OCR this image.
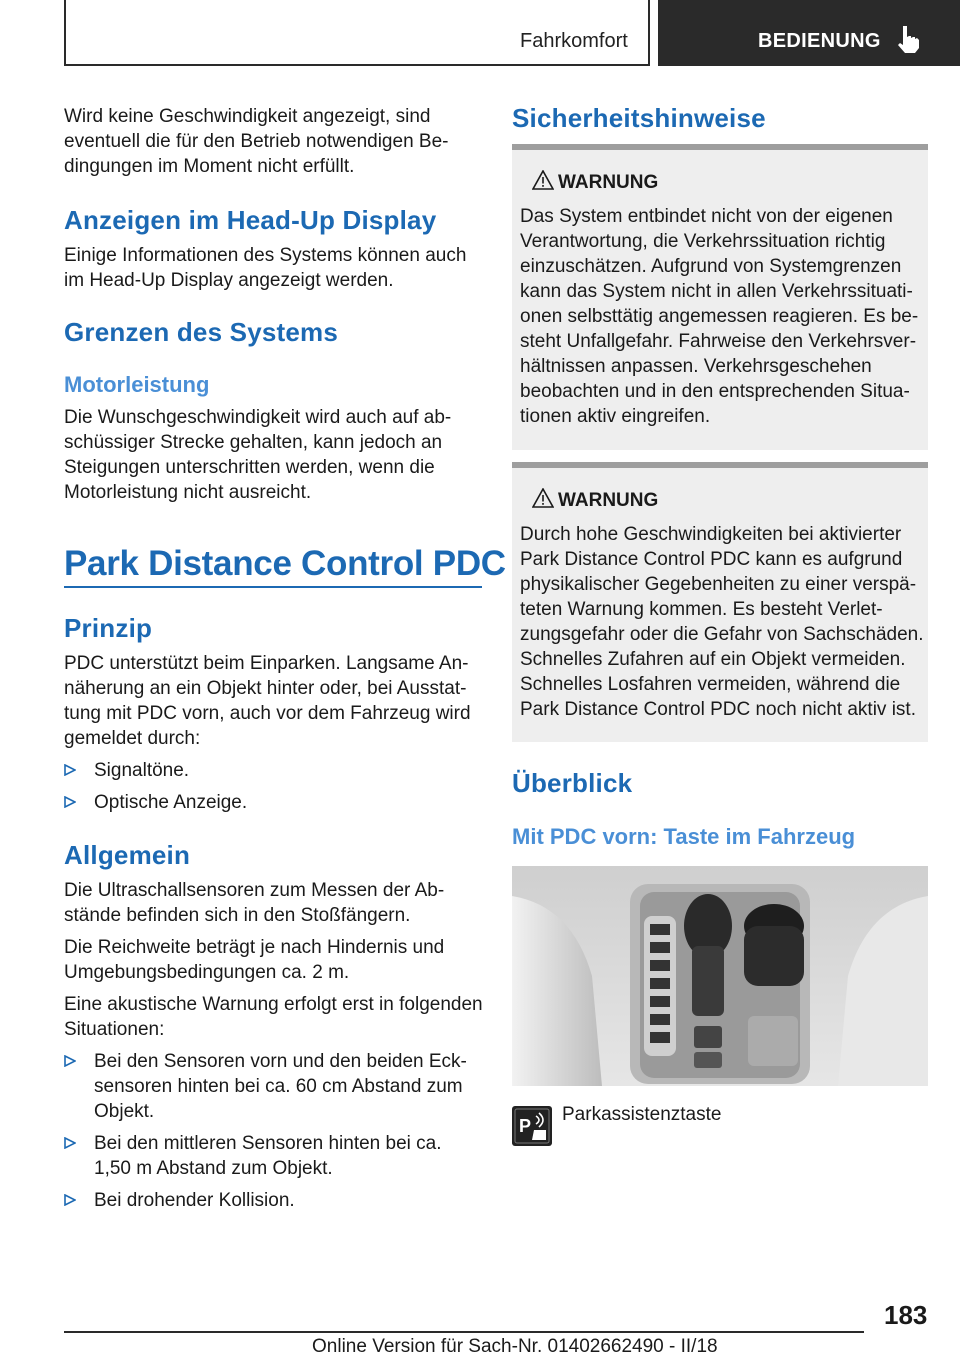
Fahrkomfort	BEDIENUNG

Wird keine Geschwindigkeit angezeigt, sind eventuell die für den Betrieb notwendigen Bedingungen im Moment nicht erfüllt.

Anzeigen im Head-Up Display

Einige Informationen des Systems können auch im Head-Up Display angezeigt werden.

Grenzen des Systems
Motorleistung

Die Wunschgeschwindigkeit wird auch auf abschüssiger Strecke gehalten, kann jedoch an Steigungen unterschritten werden, wenn die Motorleistung nicht ausreicht.

Park Distance Control PDC
Prinzip

PDC unterstützt beim Einparken. Langsame Annäherung an ein Objekt hinter oder, bei Ausstattung mit PDC vorn, auch vor dem Fahrzeug wird gemeldet durch:

Signaltöne.
Optische Anzeige.
Allgemein

Die Ultraschallsensoren zum Messen der Abstände befinden sich in den Stoßfängern.

Die Reichweite beträgt je nach Hindernis und Umgebungsbedingungen ca. 2 m.

Eine akustische Warnung erfolgt erst in folgenden Situationen:

Bei den Sensoren vorn und den beiden Ecksensoren hinten bei ca. 60 cm Abstand zum Objekt.
Bei den mittleren Sensoren hinten bei ca. 1,50 m Abstand zum Objekt.
Bei drohender Kollision.
Sicherheitshinweise
WARNUNG

Das System entbindet nicht von der eigenen Verantwortung, die Verkehrssituation richtig einzuschätzen. Aufgrund von Systemgrenzen kann das System nicht in allen Verkehrssituationen selbsttätig angemessen reagieren. Es besteht Unfallgefahr. Fahrweise den Verkehrsverhältnissen anpassen. Verkehrsgeschehen beobachten und in den entsprechenden Situationen aktiv eingreifen.

WARNUNG

Durch hohe Geschwindigkeiten bei aktivierter Park Distance Control PDC kann es aufgrund physikalischer Gegebenheiten zu einer verspäteten Warnung kommen. Es besteht Verletzungsgefahr oder die Gefahr von Sachschäden. Schnelles Zufahren auf ein Objekt vermeiden. Schnelles Losfahren vermeiden, während die Park Distance Control PDC noch nicht aktiv ist.

Überblick
Mit PDC vorn: Taste im Fahrzeug
P
Parkassistenztaste
183
Online Version für Sach-Nr. 01402662490 - II/18
